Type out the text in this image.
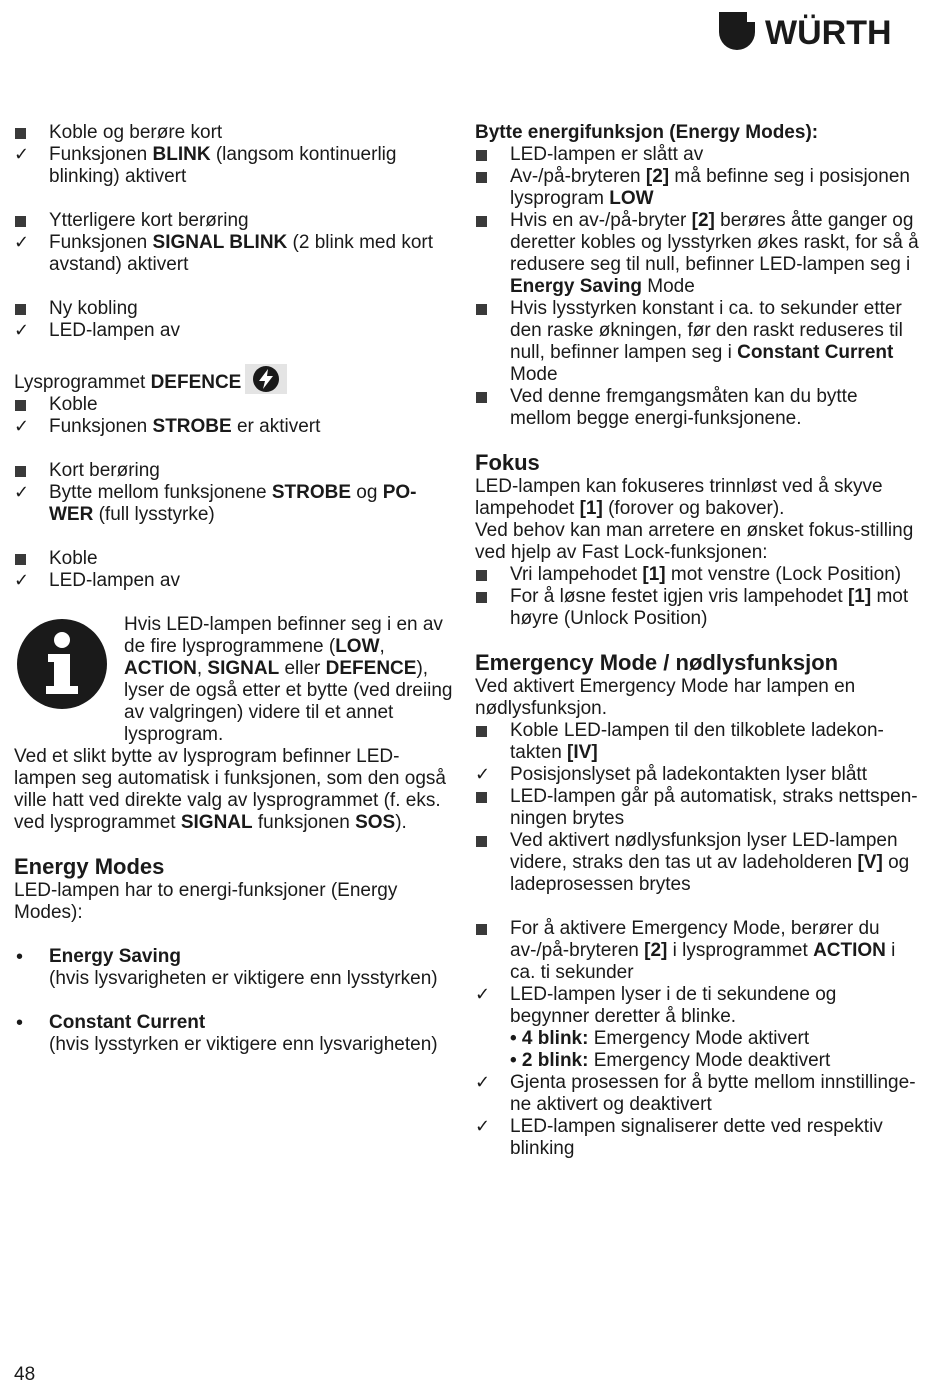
WÜRTH

Koble og berøre kort

✓	Funksjonen BLINK (langsom kontinuerlig blinking) aktivert

Ytterligere kort berøring

✓	Funksjonen SIGNAL BLINK (2 blink med kort avstand) aktivert

Ny kobling

✓	LED-lampen av

Lysprogrammet DEFENCE

Koble

✓	Funksjonen STROBE er aktivert

Kort berøring

✓	Bytte mellom funksjonene STROBE og PO-WER (full lysstyrke)

Koble

✓	LED-lampen av

Hvis LED-lampen befinner seg i en av de fire lysprogrammene (LOW, ACTION, SIGNAL eller DEFENCE), lyser de også etter et bytte (ved dreiing av valgringen) videre til et annet lysprogram.

Ved et slikt bytte av lysprogram befinner LED-lampen seg automatisk i funksjonen, som den også ville hatt ved direkte valg av lysprogrammet (f. eks. ved lysprogrammet SIGNAL funksjonen SOS).

Energy Modes

LED-lampen har to energi-funksjoner (Energy Modes):

•	Energy Saving
(hvis lysvarigheten er viktigere enn lysstyrken)

•	Constant Current
(hvis lysstyrken er viktigere enn lysvarigheten)

Bytte energifunksjon (Energy Modes):

LED-lampen er slått av

Av-/på-bryteren [2] må befinne seg i posisjonen lysprogram LOW

Hvis en av-/på-bryter [2] berøres åtte ganger og deretter kobles og lysstyrken økes raskt, for så å redusere seg til null, befinner LED-lampen seg i Energy Saving Mode

Hvis lysstyrken konstant i ca. to sekunder etter den raske økningen, før den raskt reduseres til null, befinner lampen seg i Constant Current Mode

Ved denne fremgangsmåten kan du bytte mellom begge energi-funksjonene.

Fokus

LED-lampen kan fokuseres trinnløst ved å skyve lampehodet [1] (forover og bakover).

Ved behov kan man arretere en ønsket fokus-stilling ved hjelp av Fast Lock-funksjonen:

Vri lampehodet [1] mot venstre (Lock Position)

For å løsne festet igjen vris lampehodet [1] mot høyre (Unlock Position)

Emergency Mode / nødlysfunksjon

Ved aktivert Emergency Mode har lampen en nødlysfunksjon.

Koble LED-lampen til den tilkoblete ladekon-takten [IV]

✓	Posisjonslyset på ladekontakten lyser blått

LED-lampen går på automatisk, straks nettspen-ningen brytes

Ved aktivert nødlysfunksjon lyser LED-lampen videre, straks den tas ut av ladeholderen [V] og ladeprosessen brytes

For å aktivere Emergency Mode, berører du av-/på-bryteren [2] i lysprogrammet ACTION i ca. ti sekunder

✓	LED-lampen lyser i de ti sekundene og begynner deretter å blinke.
• 4 blink: Emergency Mode aktivert
• 2 blink: Emergency Mode deaktivert

✓	Gjenta prosessen for å bytte mellom innstillinge-ne aktivert og deaktivert

✓	LED-lampen signaliserer dette ved respektiv blinking

48
